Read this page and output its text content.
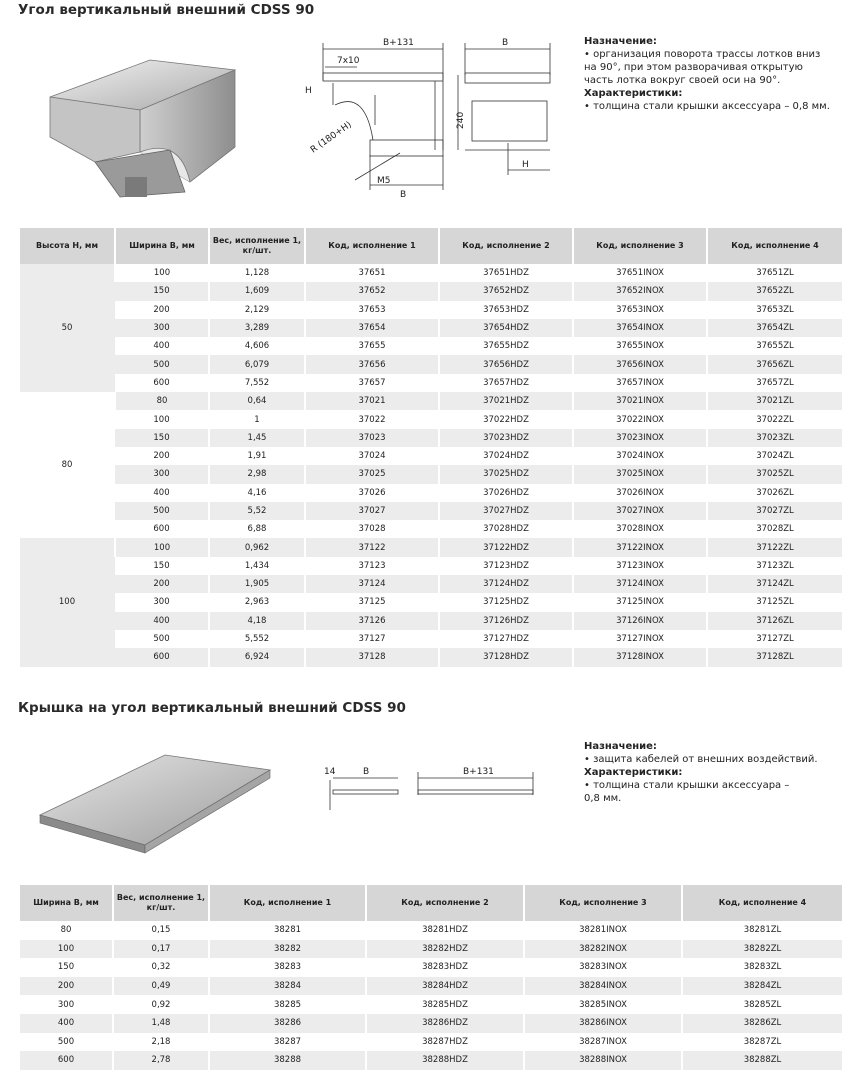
Угол вертикальный внешний CDSS 90
B+131
7x10
H
R (180+H)
M5
B
B
240
H
Назначение:
• организация поворота трассы лотков вниз
на 90°, при этом разворачивая открытую
часть лотка вокруг своей оси на 90°.
Характеристики:
• толщина стали крышки аксессуара – 0,8 мм.
Высота H, мм	Ширина B, мм	Вес, исполнение 1, кг/шт.	Код, исполнение 1	Код, исполнение 2	Код, исполнение 3	Код, исполнение 4
50	100	1,128	37651	37651HDZ	37651INOX	37651ZL
	150	1,609	37652	37652HDZ	37652INOX	37652ZL
	200	2,129	37653	37653HDZ	37653INOX	37653ZL
	300	3,289	37654	37654HDZ	37654INOX	37654ZL
	400	4,606	37655	37655HDZ	37655INOX	37655ZL
	500	6,079	37656	37656HDZ	37656INOX	37656ZL
	600	7,552	37657	37657HDZ	37657INOX	37657ZL
80	80	0,64	37021	37021HDZ	37021INOX	37021ZL
	100	1	37022	37022HDZ	37022INOX	37022ZL
	150	1,45	37023	37023HDZ	37023INOX	37023ZL
	200	1,91	37024	37024HDZ	37024INOX	37024ZL
	300	2,98	37025	37025HDZ	37025INOX	37025ZL
	400	4,16	37026	37026HDZ	37026INOX	37026ZL
	500	5,52	37027	37027HDZ	37027INOX	37027ZL
	600	6,88	37028	37028HDZ	37028INOX	37028ZL
100	100	0,962	37122	37122HDZ	37122INOX	37122ZL
	150	1,434	37123	37123HDZ	37123INOX	37123ZL
	200	1,905	37124	37124HDZ	37124INOX	37124ZL
	300	2,963	37125	37125HDZ	37125INOX	37125ZL
	400	4,18	37126	37126HDZ	37126INOX	37126ZL
	500	5,552	37127	37127HDZ	37127INOX	37127ZL
	600	6,924	37128	37128HDZ	37128INOX	37128ZL
Крышка на угол вертикальный внешний CDSS 90
14	B	B+131
Назначение:
• защита кабелей от внешних воздействий.
Характеристики:
• толщина стали крышки аксессуара –
0,8 мм.
Ширина B, мм	Вес, исполнение 1, кг/шт.	Код, исполнение 1	Код, исполнение 2	Код, исполнение 3	Код, исполнение 4
80	0,15	38281	38281HDZ	38281INOX	38281ZL
100	0,17	38282	38282HDZ	38282INOX	38282ZL
150	0,32	38283	38283HDZ	38283INOX	38283ZL
200	0,49	38284	38284HDZ	38284INOX	38284ZL
300	0,92	38285	38285HDZ	38285INOX	38285ZL
400	1,48	38286	38286HDZ	38286INOX	38286ZL
500	2,18	38287	38287HDZ	38287INOX	38287ZL
600	2,78	38288	38288HDZ	38288INOX	38288ZL
